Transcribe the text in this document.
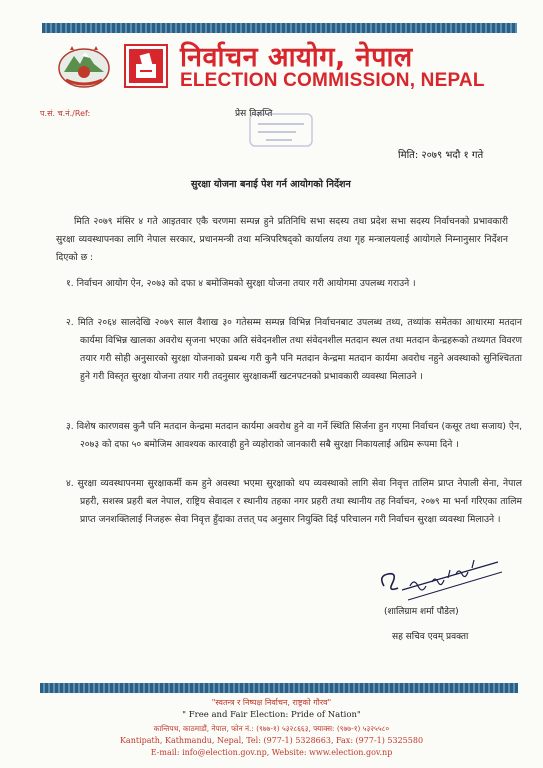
निर्वाचन आयोग, नेपाल
ELECTION COMMISSION, NEPAL
प.सं. च.नं./Ref:	प्रेस विज्ञप्ति
मिति: २०७९ भदौ १ गते
सुरक्षा योजना बनाई पेश गर्न आयोगको निर्देशन
मिति २०७९ मंसिर ४ गते आइतवार एकै चरणमा सम्पन्न हुने प्रतिनिधि सभा सदस्य तथा प्रदेश सभा सदस्य निर्वाचनको प्रभावकारी सुरक्षा व्यवस्थापनका लागि नेपाल सरकार, प्रधानमन्त्री तथा मन्त्रिपरिषद्‌को कार्यालय तथा गृह मन्त्रालयलाई आयोगले निम्नानुसार निर्देशन दिएको छ :
१. निर्वाचन आयोग ऐन, २०७३ को दफा ४ बमोजिमको सुरक्षा योजना तयार गरी आयोगमा उपलब्ध गराउने ।
२. मिति २०६४ सालदेखि २०७९ साल वैशाख ३० गतेसम्म सम्पन्न विभिन्न निर्वाचनबाट उपलब्ध तथ्य, तथ्यांक समेतका आधारमा मतदान कार्यमा विभिन्न खालका अवरोध सृजना भएका अति संवेदनशील तथा संवेदनशील मतदान स्थल तथा मतदान केन्द्रहरूको तथ्यगत विवरण तयार गरी सोही अनुसारको सुरक्षा योजनाको प्रबन्ध गरी कुनै पनि मतदान केन्द्रमा मतदान कार्यमा अवरोध नहुने अवस्थाको सुनिश्चितता हुने गरी विस्तृत सुरक्षा योजना तयार गरी तदनुसार सुरक्षाकर्मी खटनपटनको प्रभावकारी व्यवस्था मिलाउने ।
३. विशेष कारणवस कुनै पनि मतदान केन्द्रमा मतदान कार्यमा अवरोध हुने वा गर्ने स्थिति सिर्जना हुन गएमा निर्वाचन (कसूर तथा सजाय) ऐन, २०७३ को दफा ५० बमोजिम आवश्यक कारवाही हुने व्यहोराको जानकारी सबै सुरक्षा निकायलाई अग्रिम रूपमा दिने ।
४. सुरक्षा व्यवस्थापनमा सुरक्षाकर्मी कम हुने अवस्था भएमा सुरक्षाको थप व्यवस्थाको लागि सेवा निवृत्त तालिम प्राप्त नेपाली सेना, नेपाल प्रहरी, सशस्त्र प्रहरी बल नेपाल, राष्ट्रिय सेवादल र स्थानीय तहका नगर प्रहरी तथा स्थानीय तह निर्वाचन, २०७९ मा भर्ना गरिएका तालिम प्राप्त जनशक्तिलाई निजहरू सेवा निवृत्त हुँदाका तत्तत् पद अनुसार नियुक्ति दिई परिचालन गरी निर्वाचन सुरक्षा व्यवस्था मिलाउने ।
(शालिग्राम शर्मा पौडेल)
सह सचिव एवम् प्रवक्ता
"स्वतन्त्र र निष्पक्ष निर्वाचन, राष्ट्रको गौरव"
" Free and Fair Election: Pride of Nation"
कान्तिपथ, काठमाडौं, नेपाल, फोन नं.: (९७७-१) ५३२८६६३, फ्याक्स: (९७७-१) ५३२५५८०
Kantipath, Kathmandu, Nepal, Tel: (977-1) 5328663, Fax: (977-1) 5325580
E-mail: info@election.gov.np, Website: www.election.gov.np
